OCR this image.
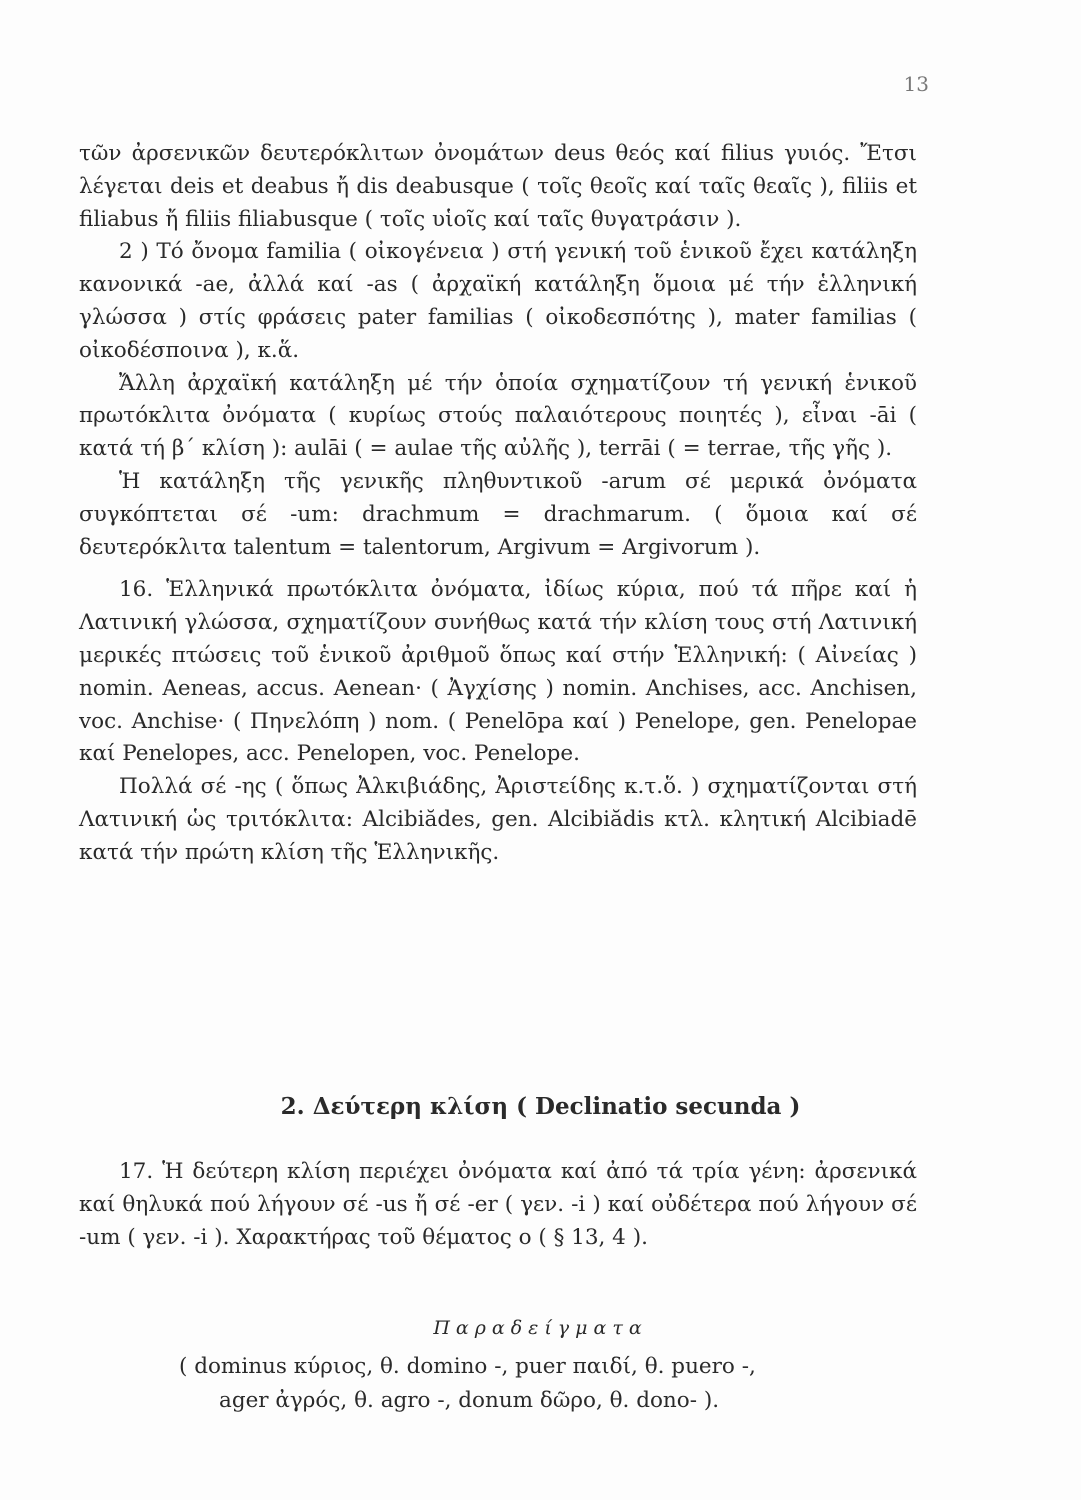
13

τῶν ἀρσενικῶν δευτερόκλιτων ὀνομάτων deus θεός καί filius γυιός. Ἔτσι λέγεται deis et deabus ἤ dis deabusque ( τοῖς θεοῖς καί ταῖς θεαῖς ), filiis et filiabus ἤ filiis filiabusque ( τοῖς υἱοῖς καί ταῖς θυγατράσιν ).

2 ) Τό ὄνομα familia ( οἰκογένεια ) στή γενική τοῦ ἑνικοῦ ἔχει κατάληξη κανονικά -ae, ἀλλά καί -as ( ἀρχαϊκή κατάληξη ὅμοια μέ τήν ἑλληνική γλώσσα ) στίς φράσεις pater familias ( οἰκοδεσπότης ), mater familias ( οἰκοδέσποινα ), κ.ἅ.

Ἄλλη ἀρχαϊκή κατάληξη μέ τήν ὁποία σχηματίζουν τή γενική ἑνικοῦ πρωτόκλιτα ὀνόματα ( κυρίως στούς παλαιότερους ποιητές ), εἶναι -āi ( κατά τή β΄ κλίση ): aulāi ( = aulae τῆς αὐλῆς ), terrāi ( = terrae, τῆς γῆς ).

Ἡ κατάληξη τῆς γενικῆς πληθυντικοῦ -arum σέ μερικά ὀνόματα συγκόπτεται σέ -um: drachmum = drachmarum. ( ὅμοια καί σέ δευτερόκλιτα talentum = talentorum, Argivum = Argivorum ).

16. Ἑλληνικά πρωτόκλιτα ὀνόματα, ἰδίως κύρια, πού τά πῆρε καί ἡ Λατινική γλώσσα, σχηματίζουν συνήθως κατά τήν κλίση τους στή Λατινική μερικές πτώσεις τοῦ ἑνικοῦ ἀριθμοῦ ὅπως καί στήν Ἑλληνική: ( Αἰνείας ) nomin. Aeneas, accus. Aenean· ( Ἀγχίσης ) nomin. Anchises, acc. Anchisen, voc. Anchise· ( Πηνελόπη ) nom. ( Penelōpa καί ) Penelope, gen. Penelopae καί Penelopes, acc. Penelopen, voc. Penelope.

Πολλά σέ -ης ( ὅπως Ἀλκιβιάδης, Ἀριστείδης κ.τ.ὅ. ) σχηματίζονται στή Λατινική ὡς τριτόκλιτα: Alcibiădes, gen. Alcibiădis κτλ. κλητική Alcibiadē κατά τήν πρώτη κλίση τῆς Ἑλληνικῆς.

2. Δεύτερη κλίση ( Declinatio secunda )

17. Ἡ δεύτερη κλίση περιέχει ὀνόματα καί ἀπό τά τρία γένη: ἀρσενικά καί θηλυκά πού λήγουν σέ -us ἤ σέ -er ( γεν. -i ) καί οὐδέτερα πού λήγουν σέ -um ( γεν. -i ). Χαρακτήρας τοῦ θέματος o ( § 13, 4 ).

Παραδείγματα
( dominus κύριος, θ. domino -, puer παιδί, θ. puero -,
ager ἀγρός, θ. agro -, donum δῶρο, θ. dono- ).
